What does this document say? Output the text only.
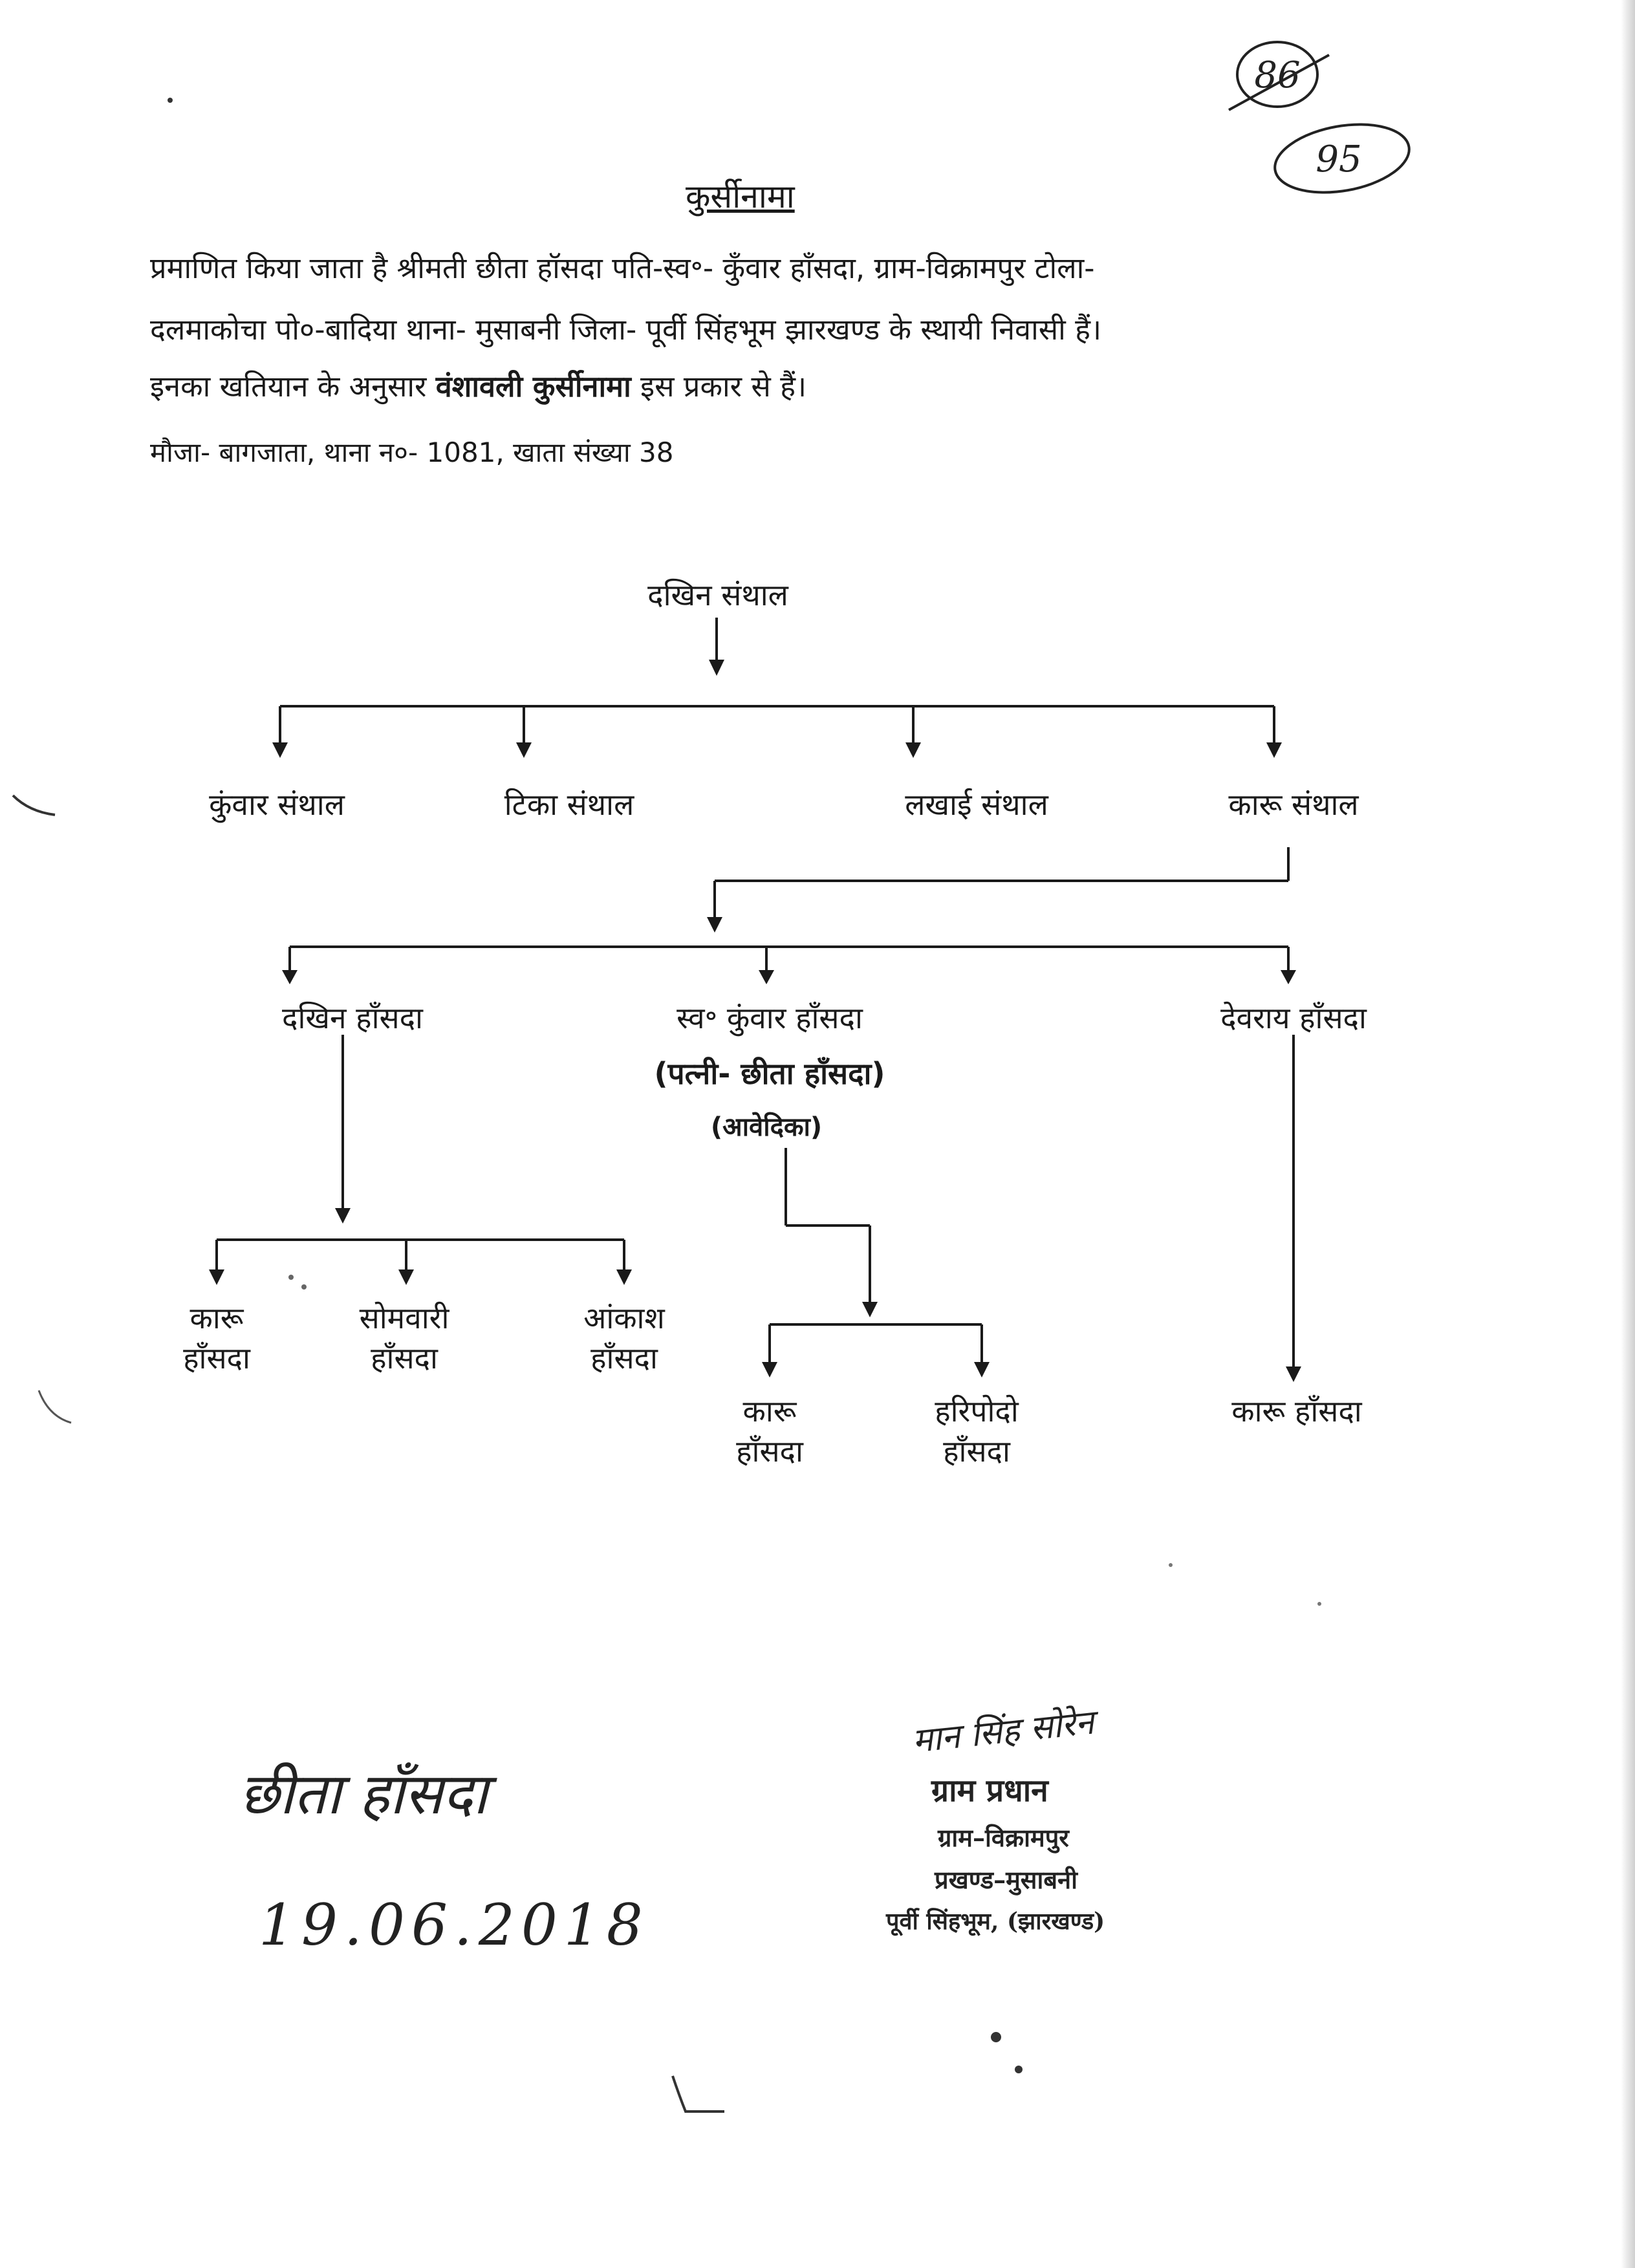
86
95
कुर्सीनामा
प्रमाणित किया जाता है श्रीमती छीता हॉसदा पति-स्व॰- कुँवार हाँसदा, ग्राम-विक्रामपुर टोला-
दलमाकोचा पो०-बादिया थाना- मुसाबनी जिला- पूर्वी सिंहभूम झारखण्ड के स्थायी निवासी हैं।
इनका खतियान के अनुसार वंशावली कुर्सीनामा इस प्रकार से हैं।
मौजा- बागजाता, थाना न०- 1081, खाता संख्या 38
दखिन संथाल
कुंवार संथाल	टिका संथाल	लखाई संथाल	कारू संथाल
दखिन हाँसदा	स्व॰ कुंवार हाँसदा
(पत्नी- छीता हाँसदा)
(आवेदिका)
देवराय हाँसदा
कारू
हाँसदा
सोमवारी
हाँसदा
आंकाश
हाँसदा
कारू
हाँसदा
हरिपोदो
हाँसदा
कारू हाँसदा
छीता हाँसदा
19.06.2018
मान सिंह सोरेन
ग्राम प्रधान
ग्राम–विक्रामपुर
प्रखण्ड–मुसाबनी
पूर्वी सिंहभूम, (झारखण्ड)
